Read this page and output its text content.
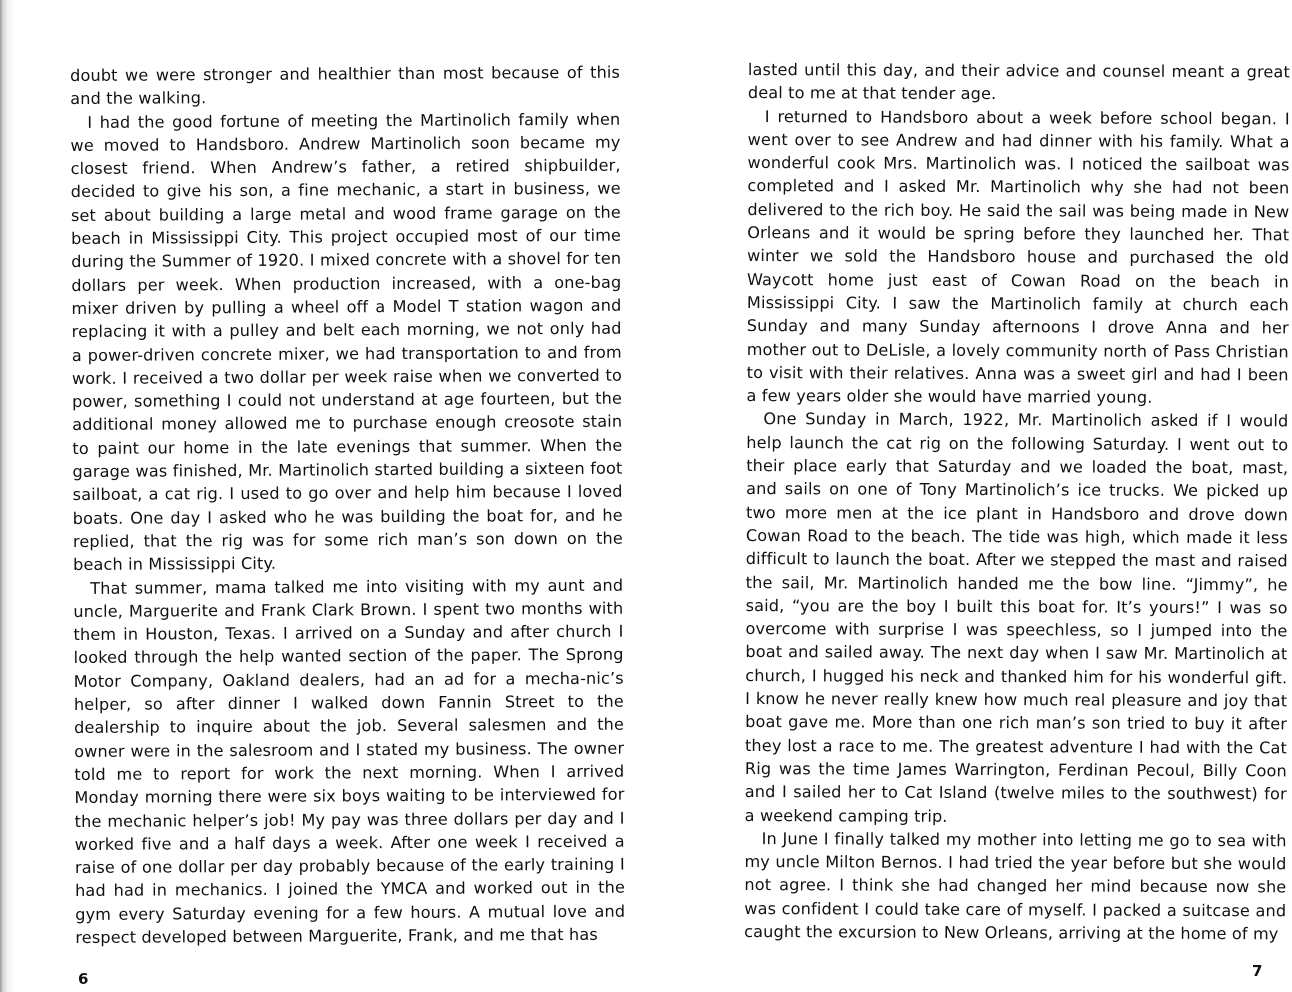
doubt we were stronger and healthier than most because of this and the walking.

I had the good fortune of meeting the Martinolich family when we moved to Handsboro. Andrew Martinolich soon became my closest friend. When Andrew’s father, a retired shipbuilder, decided to give his son, a fine mechanic, a start in business, we set about building a large metal and wood frame garage on the beach in Mississippi City. This project occupied most of our time during the Summer of 1920. I mixed concrete with a shovel for ten dollars per week. When production increased, with a one-bag mixer driven by pulling a wheel off a Model T station wagon and replacing it with a pulley and belt each morning, we not only had a power-driven concrete mixer, we had transportation to and from work. I received a two dollar per week raise when we converted to power, something I could not understand at age fourteen, but the additional money allowed me to purchase enough creosote stain to paint our home in the late evenings that summer. When the garage was finished, Mr. Martinolich started building a sixteen foot sailboat, a cat rig. I used to go over and help him because I loved boats. One day I asked who he was building the boat for, and he replied, that the rig was for some rich man’s son down on the beach in Mississippi City.

That summer, mama talked me into visiting with my aunt and uncle, Marguerite and Frank Clark Brown. I spent two months with them in Houston, Texas. I arrived on a Sunday and after church I looked through the help wanted section of the paper. The Sprong Motor Company, Oakland dealers, had an ad for a mecha-nic’s helper, so after dinner I walked down Fannin Street to the dealership to inquire about the job. Several salesmen and the owner were in the salesroom and I stated my business. The owner told me to report for work the next morning. When I arrived Monday morning there were six boys waiting to be interviewed for the mechanic helper’s job! My pay was three dollars per day and I worked five and a half days a week. After one week I received a raise of one dollar per day probably because of the early training I had had in mechanics. I joined the YMCA and worked out in the gym every Saturday evening for a few hours. A mutual love and respect developed between Marguerite, Frank, and me that has

6

lasted until this day, and their advice and counsel meant a great deal to me at that tender age.

I returned to Handsboro about a week before school began. I went over to see Andrew and had dinner with his family. What a wonderful cook Mrs. Martinolich was. I noticed the sailboat was completed and I asked Mr. Martinolich why she had not been delivered to the rich boy. He said the sail was being made in New Orleans and it would be spring before they launched her. That winter we sold the Handsboro house and purchased the old Waycott home just east of Cowan Road on the beach in Mississippi City. I saw the Martinolich family at church each Sunday and many Sunday afternoons I drove Anna and her mother out to DeLisle, a lovely community north of Pass Christian to visit with their relatives. Anna was a sweet girl and had I been a few years older she would have married young.

One Sunday in March, 1922, Mr. Martinolich asked if I would help launch the cat rig on the following Saturday. I went out to their place early that Saturday and we loaded the boat, mast, and sails on one of Tony Martinolich’s ice trucks. We picked up two more men at the ice plant in Handsboro and drove down Cowan Road to the beach. The tide was high, which made it less difficult to launch the boat. After we stepped the mast and raised the sail, Mr. Martinolich handed me the bow line. “Jimmy”, he said, “you are the boy I built this boat for. It’s yours!” I was so overcome with surprise I was speechless, so I jumped into the boat and sailed away. The next day when I saw Mr. Martinolich at church, I hugged his neck and thanked him for his wonderful gift. I know he never really knew how much real pleasure and joy that boat gave me. More than one rich man’s son tried to buy it after they lost a race to me. The greatest adventure I had with the Cat Rig was the time James Warrington, Ferdinan Pecoul, Billy Coon and I sailed her to Cat Island (twelve miles to the southwest) for a weekend camping trip.

In June I finally talked my mother into letting me go to sea with my uncle Milton Bernos. I had tried the year before but she would not agree. I think she had changed her mind because now she was confident I could take care of myself. I packed a suitcase and caught the excursion to New Orleans, arriving at the home of my

7
